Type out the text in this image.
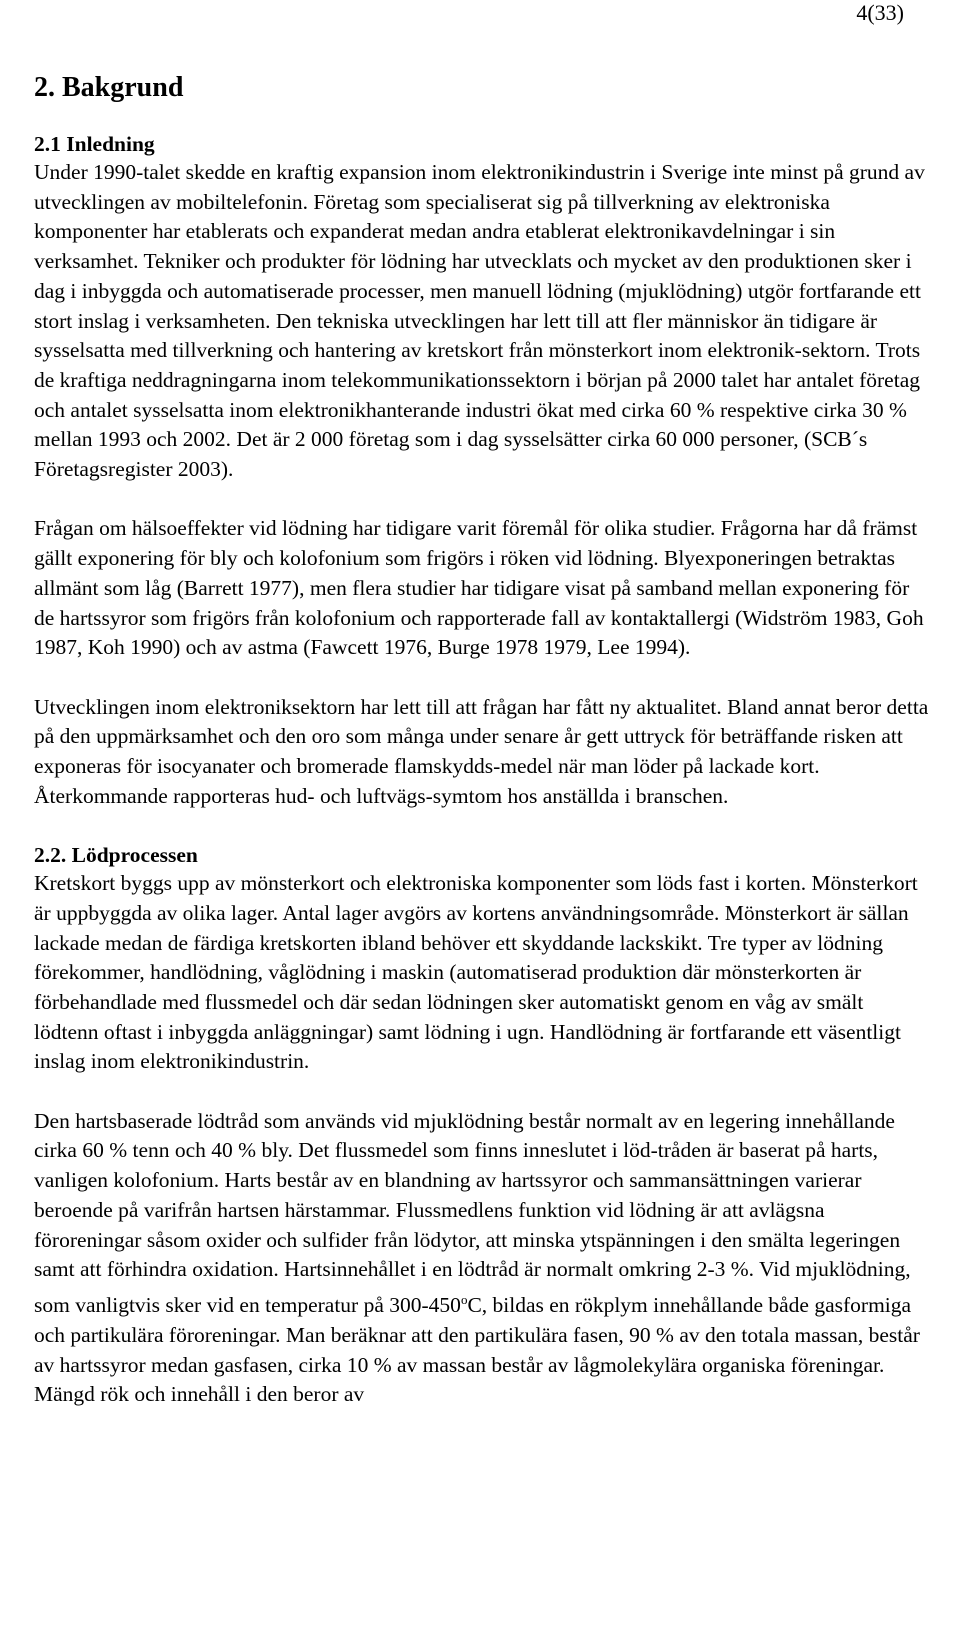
4(33)
2. Bakgrund
2.1 Inledning

Under 1990-talet skedde en kraftig expansion inom elektronikindustrin i Sverige inte minst på grund av utvecklingen av mobiltelefonin. Företag som specialiserat sig på tillverkning av elektroniska komponenter har etablerats och expanderat medan andra etablerat elektronikavdelningar i sin verksamhet. Tekniker och produkter för lödning har utvecklats och mycket av den produktionen sker i dag i inbyggda och automatiserade processer, men manuell lödning (mjuklödning) utgör fortfarande ett stort inslag i verksamheten. Den tekniska utvecklingen har lett till att fler människor än tidigare är sysselsatta med tillverkning och hantering av kretskort från mönsterkort inom elektronik-sektorn. Trots de kraftiga neddragningarna inom telekommunikationssektorn i början på 2000 talet har antalet företag och antalet sysselsatta inom elektronikhanterande industri ökat med cirka 60 % respektive cirka 30 % mellan 1993 och 2002. Det är 2 000 företag som i dag sysselsätter cirka 60 000 personer, (SCB´s Företagsregister 2003).

Frågan om hälsoeffekter vid lödning har tidigare varit föremål för olika studier. Frågorna har då främst gällt exponering för bly och kolofonium som frigörs i röken vid lödning. Blyexponeringen betraktas allmänt som låg (Barrett 1977), men flera studier har tidigare visat på samband mellan exponering för de hartssyror som frigörs från kolofonium och rapporterade fall av kontaktallergi (Widström 1983, Goh 1987, Koh 1990) och av astma (Fawcett 1976, Burge 1978 1979, Lee 1994).

Utvecklingen inom elektroniksektorn har lett till att frågan har fått ny aktualitet. Bland annat beror detta på den uppmärksamhet och den oro som många under senare år gett uttryck för beträffande risken att exponeras för isocyanater och bromerade flamskydds-medel när man löder på lackade kort. Återkommande rapporteras hud- och luftvägs-symtom hos anställda i branschen.

2.2. Lödprocessen

Kretskort byggs upp av mönsterkort och elektroniska komponenter som löds fast i korten. Mönsterkort är uppbyggda av olika lager. Antal lager avgörs av kortens användningsområde. Mönsterkort är sällan lackade medan de färdiga kretskorten ibland behöver ett skyddande lackskikt. Tre typer av lödning förekommer, handlödning, våglödning i maskin (automatiserad produktion där mönsterkorten är förbehandlade med flussmedel och där sedan lödningen sker automatiskt genom en våg av smält lödtenn oftast i inbyggda anläggningar) samt lödning i ugn. Handlödning är fortfarande ett väsentligt inslag inom elektronikindustrin.

Den hartsbaserade lödtråd som används vid mjuklödning består normalt av en legering innehållande cirka 60 % tenn och 40 % bly. Det flussmedel som finns inneslutet i löd-tråden är baserat på harts, vanligen kolofonium. Harts består av en blandning av hartssyror och sammansättningen varierar beroende på varifrån hartsen härstammar. Flussmedlens funktion vid lödning är att avlägsna föroreningar såsom oxider och sulfider från lödytor, att minska ytspänningen i den smälta legeringen samt att förhindra oxidation. Hartsinnehållet i en lödtråd är normalt omkring 2-3 %. Vid mjuklödning, som vanligtvis sker vid en temperatur på 300-450$^o$C, bildas en rökplym innehållande både gasformiga och partikulära föroreningar. Man beräknar att den partikulära fasen, 90 % av den totala massan, består av hartssyror medan gasfasen, cirka 10 % av massan består av lågmolekylära organiska föreningar. Mängd rök och innehåll i den beror av
